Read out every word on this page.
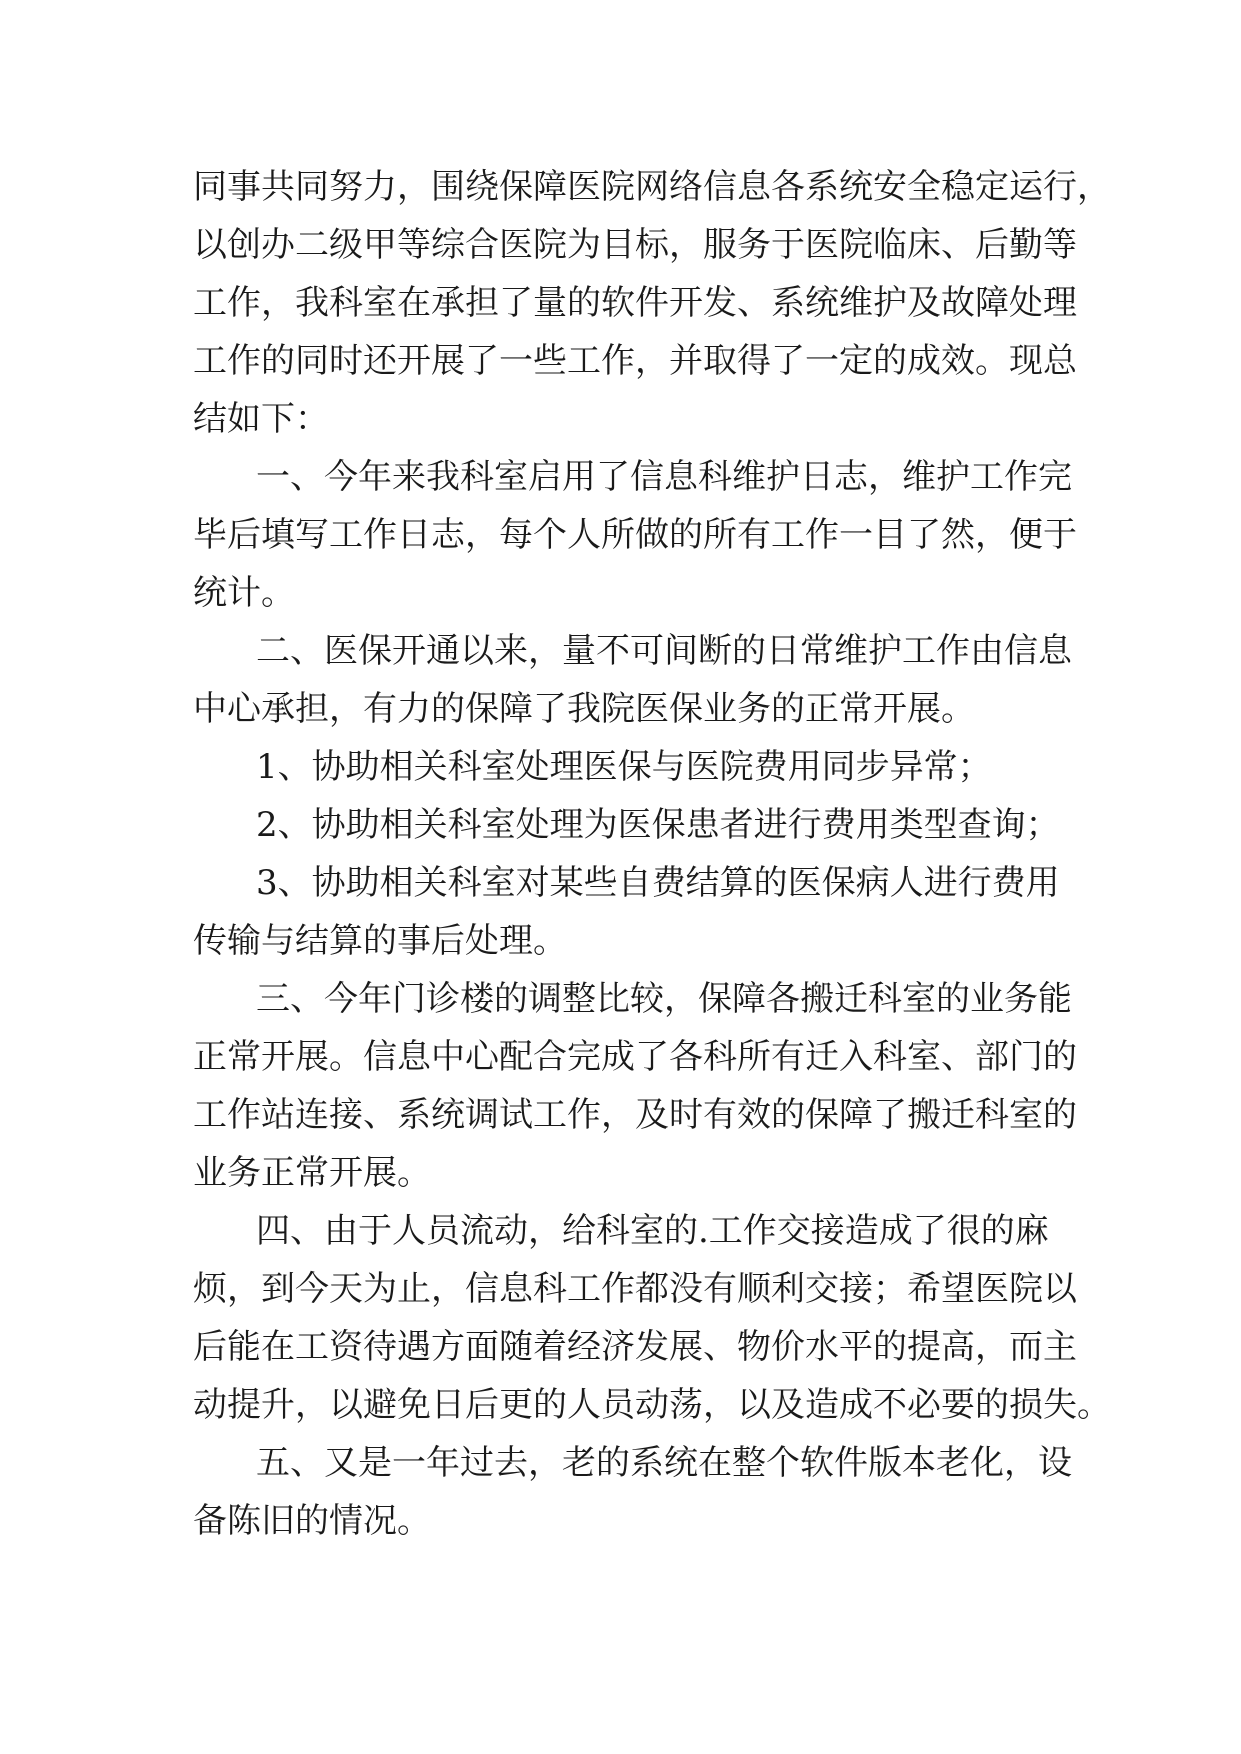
同事共同努力，围绕保障医院网络信息各系统安全稳定运行，
以创办二级甲等综合医院为目标，服务于医院临床、后勤等
工作，我科室在承担了量的软件开发、系统维护及故障处理
工作的同时还开展了一些工作，并取得了一定的成效。现总
结如下：
一、今年来我科室启用了信息科维护日志，维护工作完
毕后填写工作日志，每个人所做的所有工作一目了然，便于
统计。
二、医保开通以来，量不可间断的日常维护工作由信息
中心承担，有力的保障了我院医保业务的正常开展。
1、协助相关科室处理医保与医院费用同步异常；
2、协助相关科室处理为医保患者进行费用类型查询；
3、协助相关科室对某些自费结算的医保病人进行费用
传输与结算的事后处理。
三、今年门诊楼的调整比较，保障各搬迁科室的业务能
正常开展。信息中心配合完成了各科所有迁入科室、部门的
工作站连接、系统调试工作，及时有效的保障了搬迁科室的
业务正常开展。
四、由于人员流动，给科室的.工作交接造成了很的麻
烦，到今天为止，信息科工作都没有顺利交接；希望医院以
后能在工资待遇方面随着经济发展、物价水平的提高，而主
动提升，以避免日后更的人员动荡，以及造成不必要的损失。
五、又是一年过去，老的系统在整个软件版本老化，设
备陈旧的情况。
